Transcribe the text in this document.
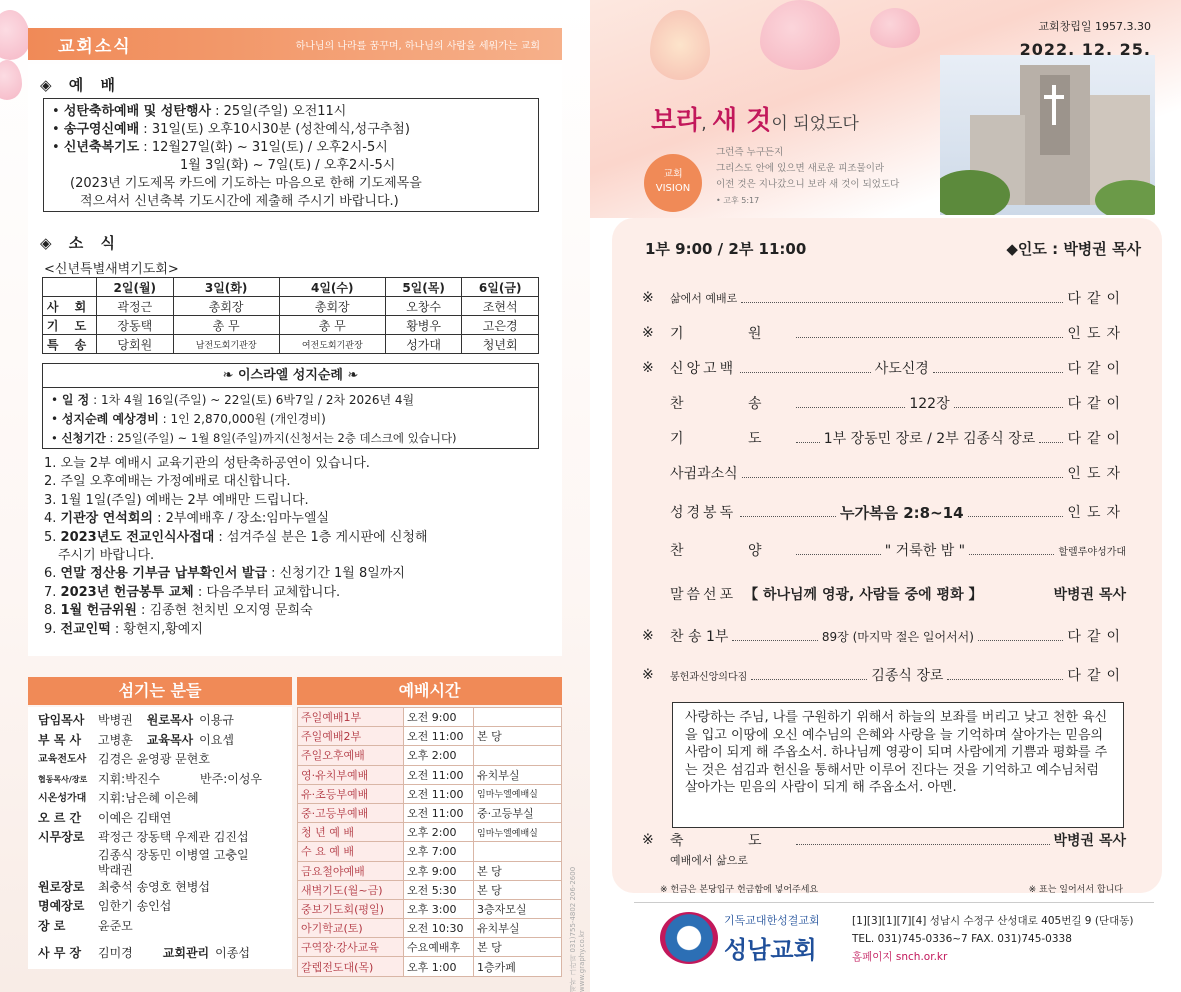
교회소식	하나님의 나라를 꿈꾸며, 하나님의 사람을 세워가는 교회
◈ 예 배
• 성탄축하예배 및 성탄행사 : 25일(주일) 오전11시
• 송구영신예배 : 31일(토) 오후10시30분 (성찬예식,성구추첨)
• 신년축복기도 : 12월27일(화) ~ 31일(토) / 오후2시-5시
1월 3일(화) ~ 7일(토) / 오후2시-5시
(2023년 기도제목 카드에 기도하는 마음으로 한해 기도제목을
적으셔서 신년축복 기도시간에 제출해 주시기 바랍니다.)
◈ 소 식
<신년특별새벽기도회>
	2일(월)	3일(화)	4일(수)	5일(목)	6일(금)
사 회	곽정근	총회장	총회장	오창수	조현석
기 도	장동택	총 무	총 무	황병우	고은경
특 송	당회원	남전도회기관장	여전도회기관장	성가대	청년회
❧ 이스라엘 성지순례 ❧
• 일 정 : 1차 4월 16일(주일) ~ 22일(토) 6박7일 / 2차 2026년 4월
• 성지순례 예상경비 : 1인 2,870,000원 (개인경비)
• 신청기간 : 25일(주일) ~ 1월 8일(주일)까지(신청서는 2층 데스크에 있습니다)
1. 오늘 2부 예배시 교육기관의 성탄축하공연이 있습니다.
2. 주일 오후예배는 가정예배로 대신합니다.
3. 1월 1일(주일) 예배는 2부 예배만 드립니다.
4. 기관장 연석회의 : 2부예배후 / 장소:임마누엘실
5. 2023년도 전교인식사접대 : 섬겨주실 분은 1층 게시판에 신청해
주시기 바랍니다.
6. 연말 정산용 기부금 납부확인서 발급 : 신청기간 1월 8일까지
7. 2023년 헌금봉투 교체 : 다음주부터 교체합니다.
8. 1월 헌금위원 : 김종현 천치빈 오지영 문희숙
9. 전교인떡 : 황현지,황예지
섬기는 분들	예배시간
담임목사	박병권 원로목사 이용규
부 목 사	고병훈 교육목사 이요셉
교육전도사 김경은 윤영광 문현호
협동목사/장로 지휘:박진수	반주: 이성우
시온성가대 지휘:남은혜 이은혜
오 르 간	이예은 김태연
시무장로	곽정근 장동택 우제관 김진섭
김종식 장동민 이병열 고충일
박래권
원로장로	최충석 송영호 현병섭
명예장로	임한기 송인섭
장 로	윤준모
사 무 장	김미경	교회관리 이종섭
주일예배1부	오전 9:00	
주일예배2부	오전 11:00	본 당
주일오후예배	오후 2:00	
영·유치부예배	오전 11:00	유치부실
유·초등부예배	오전 11:00	임마누엘예배실
중·고등부예배	오전 11:00	중·고등부실
청 년 예 배	오후 2:00	임마누엘예배실
수 요 예 배	오후 7:00	
금요철야예배	오후 9:00	본 당
새벽기도(월~금)	오전 5:30	본 당
중보기도회(평일)	오후 3:00	3층자모실
아기학교(토)	오전 10:30	유치부실
구역장·강사교육	수요예배후	본 당
갈렙전도대(목)	오후 1:00	1층카페	제작 그라피 031)755-4802 206-2600 www.graphy.co.kr
교회창립일 1957.3.30
2022. 12. 25.
보라, 새 것이 되었도다
교회
VISION
그런즉 누구든지
그리스도 안에 있으면 새로운 피조물이라
이전 것은 지나갔으니 보라 새 것이 되었도다
• 고후 5:17
1부 9:00 / 2부 11:00	◆인도 : 박병권 목사
※	삶에서 예배로	다같이
※	기 원	인도자
※	신앙고백	사도신경	다같이
찬 송	122장	다같이
기 도 1부 장동민 장로 / 2부 김종식 장로 다같이
사귐과소식	인도자
성경봉독	누가복음 2:8~14	인도자
찬 양	" 거룩한 밤 "	할렐루야성가대
말씀선포 【 하나님께 영광, 사람들 중에 평화 】	박병권 목사
※	찬 송 1부	89장 (마지막 절은 일어서서)	다같이
※	봉헌과신앙의다짐	김종식 장로	다같이
사랑하는 주님, 나를 구원하기 위해서 하늘의 보좌를 버리고 낮고 천한 육신을 입고 이땅에 오신 예수님의 은혜와 사랑을 늘 기억하며 살아가는 믿음의 사람이 되게 해 주옵소서. 하나님께 영광이 되며 사람에게 기쁨과 평화를 주는 것은 섬김과 헌신을 통해서만 이루어 진다는 것을 기억하고 예수님처럼 살아가는 믿음의 사람이 되게 해 주옵소서. 아멘.
※	축 도	박병권 목사
예배에서 삶으로
※ 헌금은 본당입구 헌금함에 넣어주세요	※ 표는 일어서서 합니다
기독교대한성결교회
성남교회
[1][3][1][7][4] 성남시 수정구 산성대로 405번길 9 (단대동)
TEL. 031)745-0336~7 FAX. 031)745-0338
홈페이지 snch.or.kr
